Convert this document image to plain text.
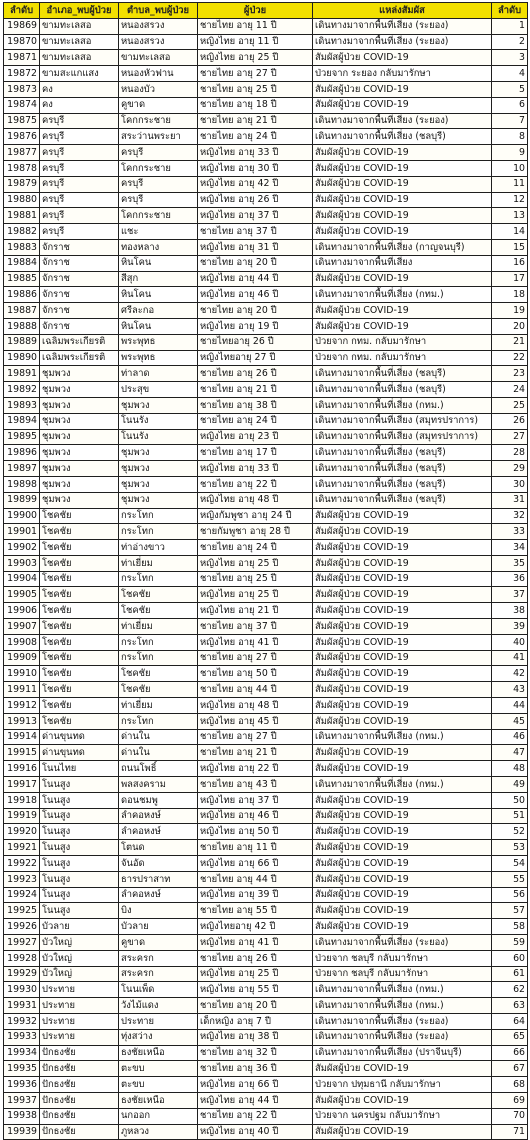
ลำดับ	อำเภอ_พบผู้ป่วย	ตำบล_พบผู้ป่วย	ผู้ป่วย	แหล่งสัมผัส	ลำดับ
19869	ขามทะเลสอ	หนองสรวง	ชายไทย อายุ 11 ปี	เดินทางมาจากพื้นที่เสี่ยง (ระยอง)	1
19870	ขามทะเลสอ	หนองสรวง	หญิงไทย อายุ 11 ปี	เดินทางมาจากพื้นที่เสี่ยง (ระยอง)	2
19871	ขามทะเลสอ	ขามทะเลสอ	หญิงไทย อายุ 25 ปี	สัมผัสผู้ป่วย COVID-19	3
19872	ขามสะแกแสง	หนองหัวฟาน	ชายไทย อายุ 27 ปี	ป่วยจาก ระยอง กลับมารักษา	4
19873	คง	หนองบัว	ชายไทย อายุ 25 ปี	สัมผัสผู้ป่วย COVID-19	5
19874	คง	คูขาด	ชายไทย อายุ 18 ปี	สัมผัสผู้ป่วย COVID-19	6
19875	ครบุรี	โคกกระชาย	ชายไทย อายุ 21 ปี	เดินทางมาจากพื้นที่เสี่ยง (ระยอง)	7
19876	ครบุรี	สระว่านพระยา	ชายไทย อายุ 24 ปี	เดินทางมาจากพื้นที่เสี่ยง (ชลบุรี)	8
19877	ครบุรี	ครบุรี	หญิงไทย อายุ 33 ปี	สัมผัสผู้ป่วย COVID-19	9
19878	ครบุรี	โคกกระชาย	หญิงไทย อายุ 30 ปี	สัมผัสผู้ป่วย COVID-19	10
19879	ครบุรี	ครบุรี	หญิงไทย อายุ 42 ปี	สัมผัสผู้ป่วย COVID-19	11
19880	ครบุรี	ครบุรี	หญิงไทย อายุ 26 ปี	สัมผัสผู้ป่วย COVID-19	12
19881	ครบุรี	โคกกระชาย	หญิงไทย อายุ 37 ปี	สัมผัสผู้ป่วย COVID-19	13
19882	ครบุรี	แชะ	ชายไทย อายุ 37 ปี	สัมผัสผู้ป่วย COVID-19	14
19883	จักราช	ทองหลาง	หญิงไทย อายุ 31 ปี	เดินทางมาจากพื้นที่เสี่ยง (กาญจนบุรี)	15
19884	จักราช	หินโคน	ชายไทย อายุ 20 ปี	เดินทางมาจากพื้นที่เสี่ยง	16
19885	จักราช	สีสุก	หญิงไทย อายุ 44 ปี	สัมผัสผู้ป่วย COVID-19	17
19886	จักราช	หินโคน	หญิงไทย อายุ 46 ปี	เดินทางมาจากพื้นที่เสี่ยง (กทม.)	18
19887	จักราช	ศรีละกอ	ชายไทย อายุ 20 ปี	สัมผัสผู้ป่วย COVID-19	19
19888	จักราช	หินโคน	หญิงไทย อายุ 19 ปี	สัมผัสผู้ป่วย COVID-19	20
19889	เฉลิมพระเกียรติ	พระพุทธ	ชายไทยอายุ 26 ปี	ป่วยจาก กทม. กลับมารักษา	21
19890	เฉลิมพระเกียรติ	พระพุทธ	หญิงไทยอายุ 27 ปี	ป่วยจาก กทม. กลับมารักษา	22
19891	ชุมพวง	ท่าลาด	ชายไทย อายุ 26 ปี	เดินทางมาจากพื้นที่เสี่ยง (ชลบุรี)	23
19892	ชุมพวง	ประสุข	ชายไทย อายุ 21 ปี	เดินทางมาจากพื้นที่เสี่ยง (ชลบุรี)	24
19893	ชุมพวง	ชุมพวง	ชายไทย อายุ 38 ปี	เดินทางมาจากพื้นที่เสี่ยง (กทม.)	25
19894	ชุมพวง	โนนรัง	ชายไทย อายุ 24 ปี	เดินทางมาจากพื้นที่เสี่ยง (สมุทรปราการ)	26
19895	ชุมพวง	โนนรัง	หญิงไทย อายุ 23 ปี	เดินทางมาจากพื้นที่เสี่ยง (สมุทรปราการ)	27
19896	ชุมพวง	ชุมพวง	ชายไทย อายุ 17 ปี	เดินทางมาจากพื้นที่เสี่ยง (ชลบุรี)	28
19897	ชุมพวง	ชุมพวง	หญิงไทย อายุ 33 ปี	เดินทางมาจากพื้นที่เสี่ยง (ชลบุรี)	29
19898	ชุมพวง	ชุมพวง	ชายไทย อายุ 22 ปี	เดินทางมาจากพื้นที่เสี่ยง (ชลบุรี)	30
19899	ชุมพวง	ชุมพวง	หญิงไทย อายุ 48 ปี	เดินทางมาจากพื้นที่เสี่ยง (ชลบุรี)	31
19900	โชคชัย	กระโทก	หญิงกัมพูชา อายุ 24 ปี	สัมผัสผู้ป่วย COVID-19	32
19901	โชคชัย	กระโทก	ชายกัมพูชา อายุ 28 ปี	สัมผัสผู้ป่วย COVID-19	33
19902	โชคชัย	ท่าอ่างขาว	ชายไทย อายุ 24 ปี	สัมผัสผู้ป่วย COVID-19	34
19903	โชคชัย	ท่าเยี่ยม	หญิงไทย อายุ 25 ปี	สัมผัสผู้ป่วย COVID-19	35
19904	โชคชัย	กระโทก	ชายไทย อายุ 25 ปี	สัมผัสผู้ป่วย COVID-19	36
19905	โชคชัย	โชคชัย	หญิงไทย อายุ 25 ปี	สัมผัสผู้ป่วย COVID-19	37
19906	โชคชัย	โชคชัย	หญิงไทย อายุ 21 ปี	สัมผัสผู้ป่วย COVID-19	38
19907	โชคชัย	ท่าเยี่ยม	ชายไทย อายุ 37 ปี	สัมผัสผู้ป่วย COVID-19	39
19908	โชคชัย	กระโทก	หญิงไทย อายุ 41 ปี	สัมผัสผู้ป่วย COVID-19	40
19909	โชคชัย	กระโทก	ชายไทย อายุ 27 ปี	สัมผัสผู้ป่วย COVID-19	41
19910	โชคชัย	โชคชัย	ชายไทย อายุ 50 ปี	สัมผัสผู้ป่วย COVID-19	42
19911	โชคชัย	โชคชัย	ชายไทย อายุ 44 ปี	สัมผัสผู้ป่วย COVID-19	43
19912	โชคชัย	ท่าเยี่ยม	หญิงไทย อายุ 48 ปี	สัมผัสผู้ป่วย COVID-19	44
19913	โชคชัย	กระโทก	หญิงไทย อายุ 45 ปี	สัมผัสผู้ป่วย COVID-19	45
19914	ด่านขุนทด	ด่านใน	ชายไทย อายุ 27 ปี	เดินทางมาจากพื้นที่เสี่ยง (กทม.)	46
19915	ด่านขุนทด	ด่านใน	ชายไทย อายุ 21 ปี	สัมผัสผู้ป่วย COVID-19	47
19916	โนนไทย	ถนนโพธิ์	หญิงไทย อายุ 22 ปี	สัมผัสผู้ป่วย COVID-19	48
19917	โนนสูง	พลสงคราม	ชายไทย อายุ 43 ปี	เดินทางมาจากพื้นที่เสี่ยง (กทม.)	49
19918	โนนสูง	ดอนชมพู	หญิงไทย อายุ 37 ปี	สัมผัสผู้ป่วย COVID-19	50
19919	โนนสูง	ลำคอหงษ์	หญิงไทย อายุ 46 ปี	สัมผัสผู้ป่วย COVID-19	51
19920	โนนสูง	ลำคอหงษ์	หญิงไทย อายุ 50 ปี	สัมผัสผู้ป่วย COVID-19	52
19921	โนนสูง	โตนด	ชายไทย อายุ 11 ปี	สัมผัสผู้ป่วย COVID-19	53
19922	โนนสูง	จันอัด	หญิงไทย อายุ 66 ปี	สัมผัสผู้ป่วย COVID-19	54
19923	โนนสูง	ธารปราสาท	ชายไทย อายุ 44 ปี	สัมผัสผู้ป่วย COVID-19	55
19924	โนนสูง	ลำคอหงษ์	หญิงไทย อายุ 39 ปี	สัมผัสผู้ป่วย COVID-19	56
19925	โนนสูง	บิง	ชายไทย อายุ 55 ปี	สัมผัสผู้ป่วย COVID-19	57
19926	บัวลาย	บัวลาย	หญิงไทยอายุ 42 ปี	สัมผัสผู้ป่วย COVID-19	58
19927	บัวใหญ่	คูขาด	หญิงไทย อายุ 41 ปี	เดินทางมาจากพื้นที่เสี่ยง (ระยอง)	59
19928	บัวใหญ่	สระครก	ชายไทย อายุ 26 ปี	ป่วยจาก ชลบุรี กลับมารักษา	60
19929	บัวใหญ่	สระครก	หญิงไทย อายุ 25 ปี	ป่วยจาก ชลบุรี กลับมารักษา	61
19930	ประทาย	โนนเพ็ด	หญิงไทย อายุ 55 ปี	เดินทางมาจากพื้นที่เสี่ยง (กทม.)	62
19931	ประทาย	วังไม้แดง	ชายไทย อายุ 20 ปี	เดินทางมาจากพื้นที่เสี่ยง (กทม.)	63
19932	ประทาย	ประทาย	เด็กหญิง อายุ 7 ปี	เดินทางมาจากพื้นที่เสี่ยง (ระยอง)	64
19933	ประทาย	ทุ่งสว่าง	หญิงไทย อายุ 38 ปี	เดินทางมาจากพื้นที่เสี่ยง (ระยอง)	65
19934	ปักธงชัย	ธงชัยเหนือ	ชายไทย อายุ 32 ปี	เดินทางมาจากพื้นที่เสี่ยง (ปราจีนบุรี)	66
19935	ปักธงชัย	ตะขบ	ชายไทย อายุ 36 ปี	สัมผัสผู้ป่วย COVID-19	67
19936	ปักธงชัย	ตะขบ	หญิงไทย อายุ 66 ปี	ป่วยจาก ปทุมธานี กลับมารักษา	68
19937	ปักธงชัย	ธงชัยเหนือ	หญิงไทย อายุ 44 ปี	สัมผัสผู้ป่วย COVID-19	69
19938	ปักธงชัย	นกออก	ชายไทย อายุ 22 ปี	ป่วยจาก นครปฐม กลับมารักษา	70
19939	ปักธงชัย	ภูหลวง	หญิงไทย อายุ 40 ปี	สัมผัสผู้ป่วย COVID-19	71
